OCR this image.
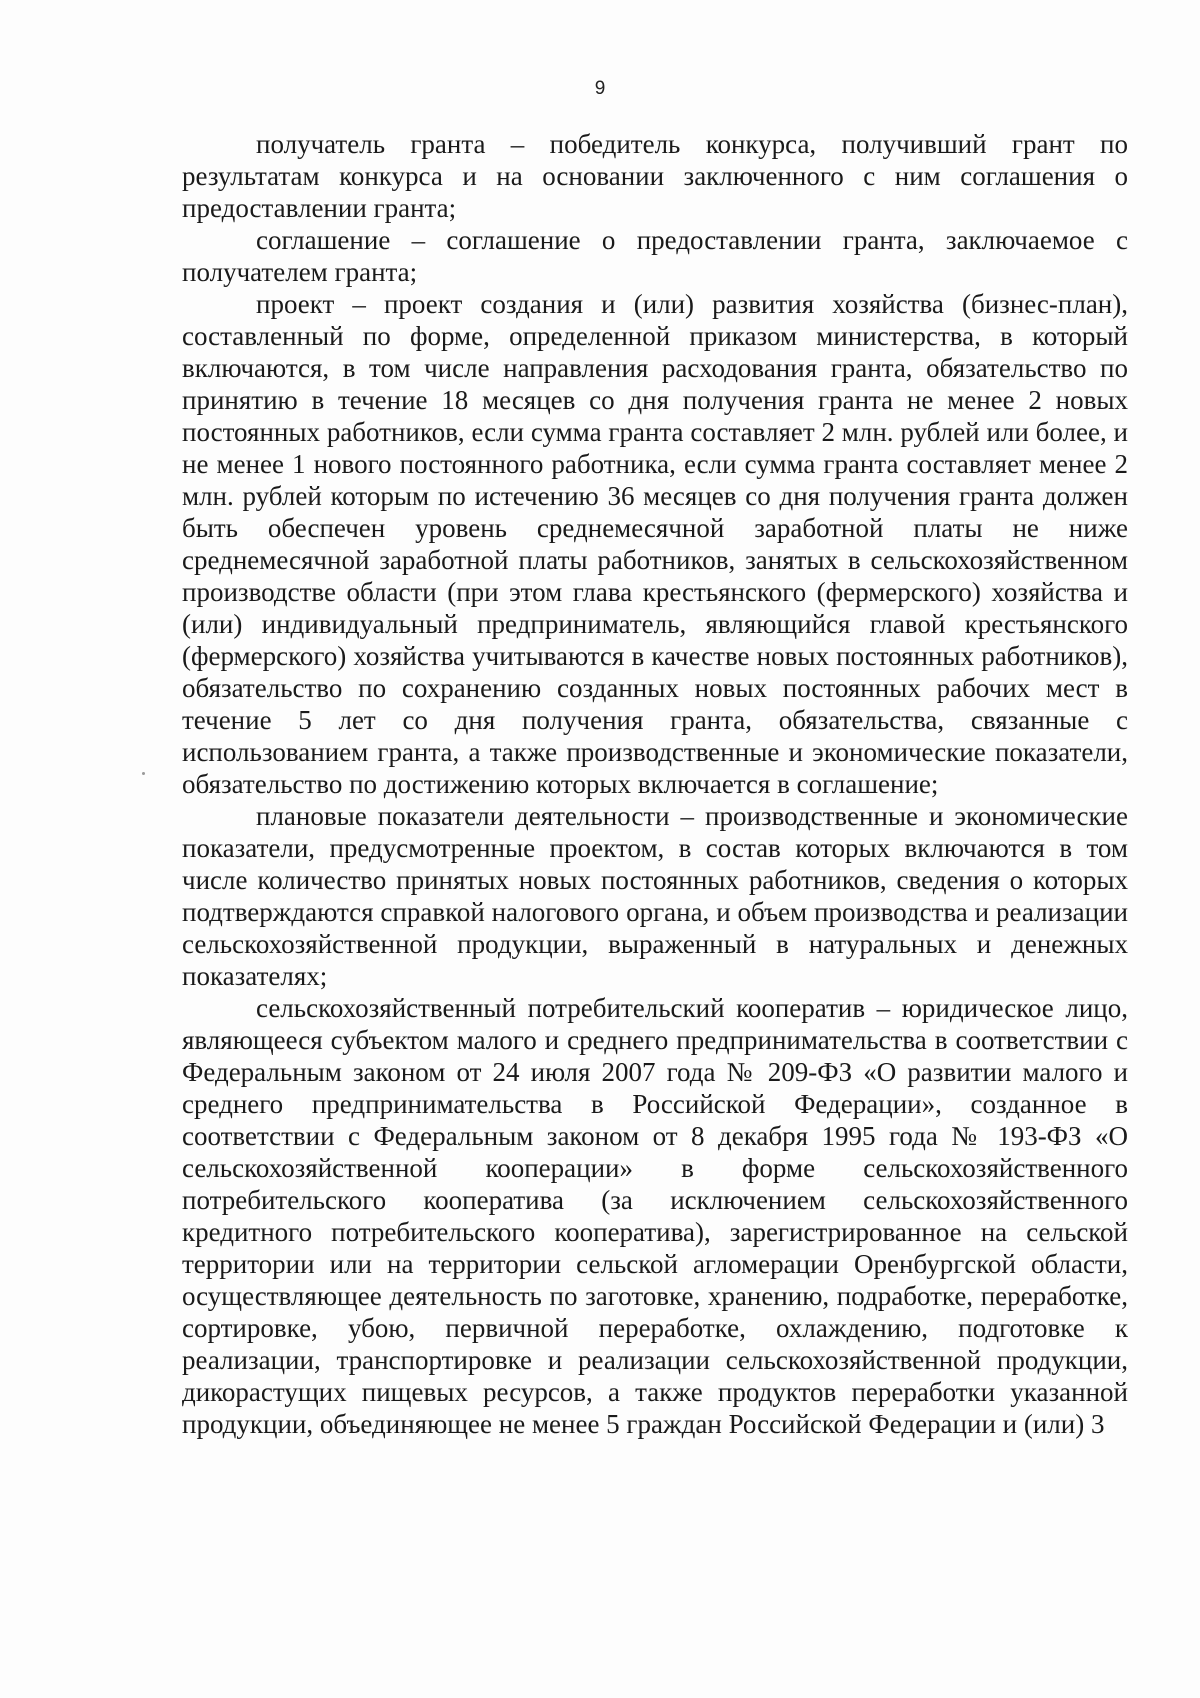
9

получатель гранта – победитель конкурса, получивший грант по результатам конкурса и на основании заключенного с ним соглашения о предоставлении гранта;

соглашение – соглашение о предоставлении гранта, заключаемое с получателем гранта;

проект – проект создания и (или) развития хозяйства (бизнес-план), составленный по форме, определенной приказом министерства, в который включаются, в том числе направления расходования гранта, обязательство по принятию в течение 18 месяцев со дня получения гранта не менее 2 новых постоянных работников, если сумма гранта составляет 2 млн. рублей или более, и не менее 1 нового постоянного работника, если сумма гранта составляет менее 2 млн. рублей которым по истечению 36 месяцев со дня получения гранта должен быть обеспечен уровень среднемесячной заработной платы не ниже среднемесячной заработной платы работников, занятых в сельскохозяйственном производстве области (при этом глава крестьянского (фермерского) хозяйства и (или) индивидуальный предприниматель, являющийся главой крестьянского (фермерского) хозяйства учитываются в качестве новых постоянных работников), обязательство по сохранению созданных новых постоянных рабочих мест в течение 5 лет со дня получения гранта, обязательства, связанные с использованием гранта, а также производственные и экономические показатели, обязательство по достижению которых включается в соглашение;

плановые показатели деятельности – производственные и экономические показатели, предусмотренные проектом, в состав которых включаются в том числе количество принятых новых постоянных работников, сведения о которых подтверждаются справкой налогового органа, и объем производства и реализации сельскохозяйственной продукции, выраженный в натуральных и денежных показателях;

сельскохозяйственный потребительский кооператив – юридическое лицо, являющееся субъектом малого и среднего предпринимательства в соответствии с Федеральным законом от 24 июля 2007 года № 209-ФЗ «О развитии малого и среднего предпринимательства в Российской Федерации», созданное в соответствии с Федеральным законом от 8 декабря 1995 года № 193-ФЗ «О сельскохозяйственной кооперации» в форме сельскохозяйственного потребительского кооператива (за исключением сельскохозяйственного кредитного потребительского кооператива), зарегистрированное на сельской территории или на территории сельской агломерации Оренбургской области, осуществляющее деятельность по заготовке, хранению, подработке, переработке, сортировке, убою, первичной переработке, охлаждению, подготовке к реализации, транспортировке и реализации сельскохозяйственной продукции, дикорастущих пищевых ресурсов, а также продуктов переработки указанной продукции, объединяющее не менее 5 граждан Российской Федерации и (или) 3
